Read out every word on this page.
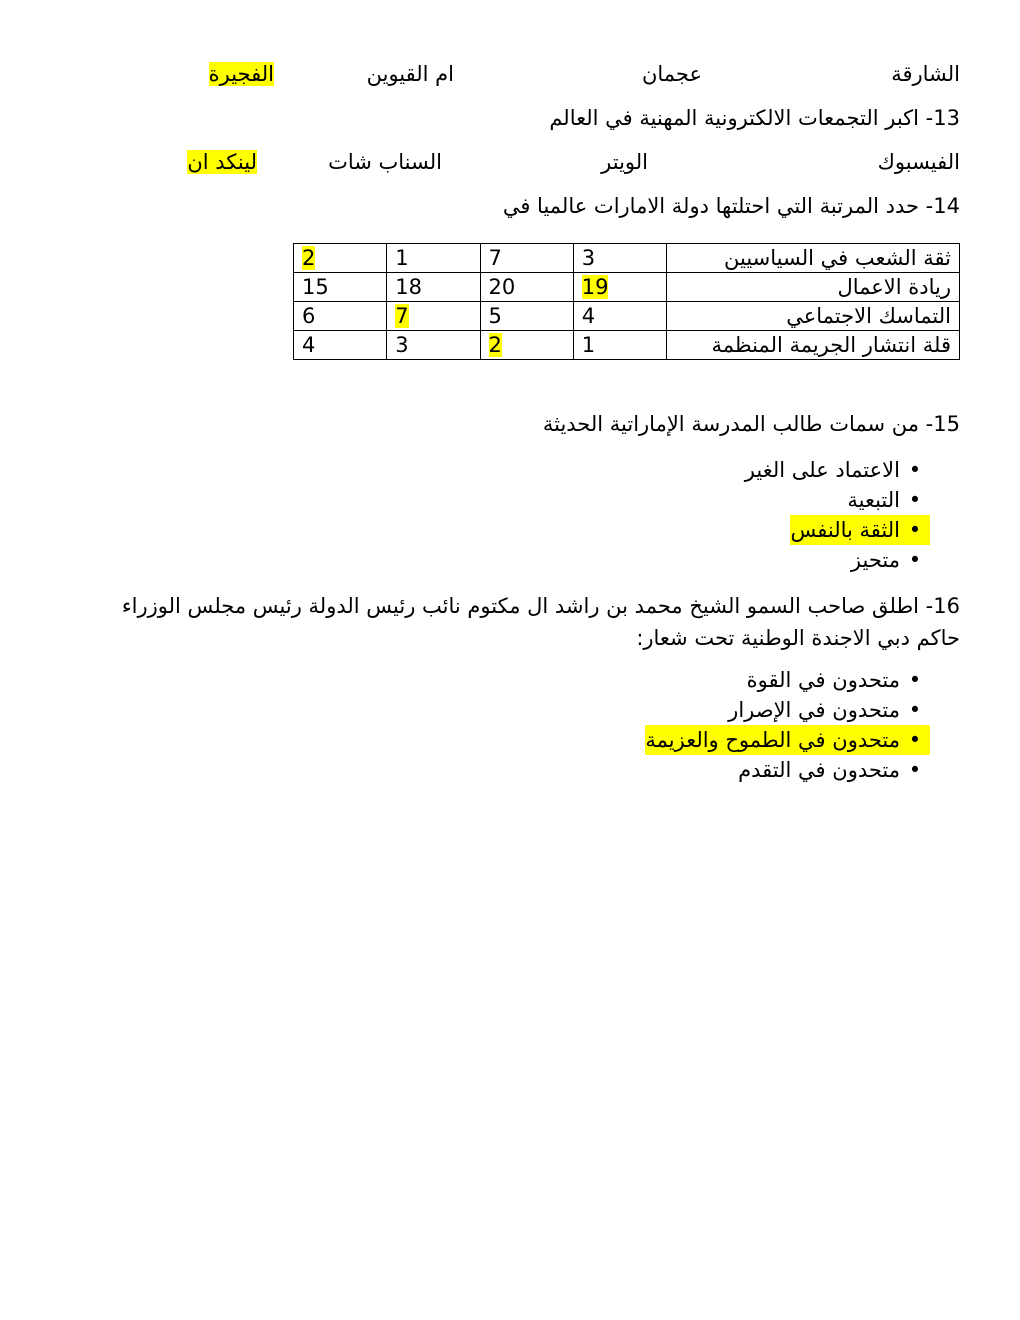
الشارقة
عجمان
ام القيوين
الفجيرة
13- اكبر التجمعات الالكترونية المهنية في العالم
الفيسبوك
الويتر
السناب شات
لينكد ان
14- حدد المرتبة التي احتلتها دولة الامارات عالميا في
ثقة الشعب في السياسيين	3	7	1	2
ريادة الاعمال	19	20	18	15
التماسك الاجتماعي	4	5	7	6
قلة انتشار الجريمة المنظمة	1	2	3	4
15- من سمات طالب المدرسة الإماراتية الحديثة
•
الاعتماد على الغير
•
التبعية
•
الثقة بالنفس
•
متحيز
16- اطلق صاحب السمو الشيخ محمد بن راشد ال مكتوم نائب رئيس الدولة رئيس مجلس الوزراء حاكم دبي الاجندة الوطنية تحت شعار:
•
متحدون في القوة
•
متحدون في الإصرار
•
متحدون في الطموح والعزيمة
•
متحدون في التقدم
